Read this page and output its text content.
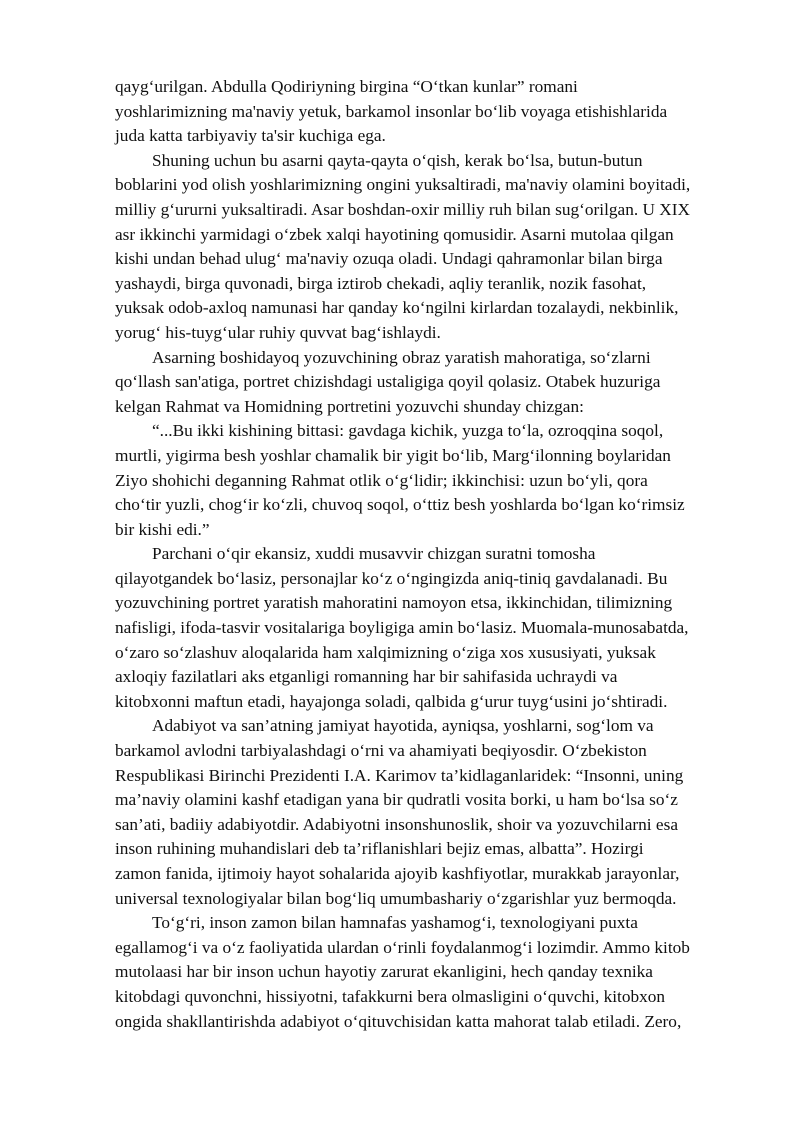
qayg‘urilgan. Abdulla Qodiriyning birgina “O‘tkan kunlar” romani
yoshlarimizning ma'naviy yetuk, barkamol insonlar bo‘lib voyaga etishishlarida
juda katta tarbiyaviy ta'sir kuchiga ega.
Shuning uchun bu asarni qayta-qayta o‘qish, kerak bo‘lsa, butun-butun
boblarini yod olish yoshlarimizning ongini yuksaltiradi, ma'naviy olamini boyitadi,
milliy g‘ururni yuksaltiradi. Asar boshdan-oxir milliy ruh bilan sug‘orilgan. U XIX
asr ikkinchi yarmidagi o‘zbek xalqi hayotining qomusidir. Asarni mutolaa qilgan
kishi undan behad ulug‘ ma'naviy ozuqa oladi. Undagi qahramonlar bilan birga
yashaydi, birga quvonadi, birga iztirob chekadi, aqliy teranlik, nozik fasohat,
yuksak odob-axloq namunasi har qanday ko‘ngilni kirlardan tozalaydi, nekbinlik,
yorug‘ his-tuyg‘ular ruhiy quvvat bag‘ishlaydi.
Asarning boshidayoq yozuvchining obraz yaratish mahoratiga, so‘zlarni
qo‘llash san'atiga, portret chizishdagi ustaligiga qoyil qolasiz. Otabek huzuriga
kelgan Rahmat va Homidning portretini yozuvchi shunday chizgan:
“...Bu ikki kishining bittasi: gavdaga kichik, yuzga to‘la, ozroqqina soqol,
murtli, yigirma besh yoshlar chamalik bir yigit bo‘lib, Marg‘ilonning boylaridan
Ziyo shohichi deganning Rahmat otlik o‘g‘lidir; ikkinchisi: uzun bo‘yli, qora
cho‘tir yuzli, chog‘ir ko‘zli, chuvoq soqol, o‘ttiz besh yoshlarda bo‘lgan ko‘rimsiz
bir kishi edi.”
Parchani o‘qir ekansiz, xuddi musavvir chizgan suratni tomosha
qilayotgandek bo‘lasiz, personajlar ko‘z o‘ngingizda aniq-tiniq gavdalanadi. Bu
yozuvchining portret yaratish mahoratini namoyon etsa, ikkinchidan, tilimizning
nafisligi, ifoda-tasvir vositalariga boyligiga amin bo‘lasiz. Muomala-munosabatda,
o‘zaro so‘zlashuv aloqalarida ham xalqimizning o‘ziga xos xususiyati, yuksak
axloqiy fazilatlari aks etganligi romanning har bir sahifasida uchraydi va
kitobxonni maftun etadi, hayajonga soladi, qalbida g‘urur tuyg‘usini jo‘shtiradi.
Adabiyot va san’atning jamiyat hayotida, ayniqsa, yoshlarni, sog‘lom va
barkamol avlodni tarbiyalashdagi o‘rni va ahamiyati beqiyosdir. O‘zbekiston
Respublikasi Birinchi Prezidenti I.A. Karimov ta’kidlaganlaridek: “Insonni, uning
ma’naviy olamini kashf etadigan yana bir qudratli vosita borki, u ham bo‘lsa so‘z
san’ati, badiiy adabiyotdir. Adabiyotni insonshunoslik, shoir va yozuvchilarni esa
inson ruhining muhandislari deb ta’riflanishlari bejiz emas, albatta”. Hozirgi
zamon fanida, ijtimoiy hayot sohalarida ajoyib kashfiyotlar, murakkab jarayonlar,
universal texnologiyalar bilan bog‘liq umumbashariy o‘zgarishlar yuz bermoqda.
To‘g‘ri, inson zamon bilan hamnafas yashamog‘i, texnologiyani puxta
egallamog‘i va o‘z faoliyatida ulardan o‘rinli foydalanmog‘i lozimdir. Ammo kitob
mutolaasi har bir inson uchun hayotiy zarurat ekanligini, hech qanday texnika
kitobdagi quvonchni, hissiyotni, tafakkurni bera olmasligini o‘quvchi, kitobxon
ongida shakllantirishda adabiyot o‘qituvchisidan katta mahorat talab etiladi. Zero,
